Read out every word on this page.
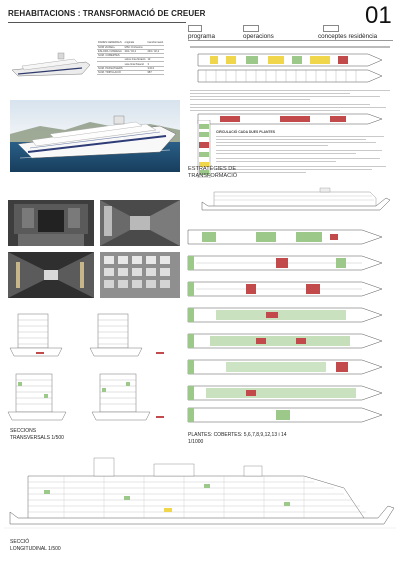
REHABITACIONS : TRANSFORMACIÓ DE CREUER	01
programa	operacions	conceptes residència
DADES GENERALS	originals	transformació
NOM VAIXELL	MSC Orchestra	
ESLORA / MANEGA	294 / 32,2	294 / 32,2
NUM. COBERTES		
	sobre línia flotació	13
	sota línia flotació	3
NUM. PASSATGERS		3.013
NUM. TRIPULACIÓ		987
CIRCULACIÓ CADA DUES PLANTES
ESTRATÈGIES DE
TRANSFORMACIÓ
SECCIONS
TRANSVERSALS 1/500	PLANTES: COBERTES: 5,6,7,8,9,12,13 i 14
1/1000
SECCIÓ
LONGITUDINAL 1/500
